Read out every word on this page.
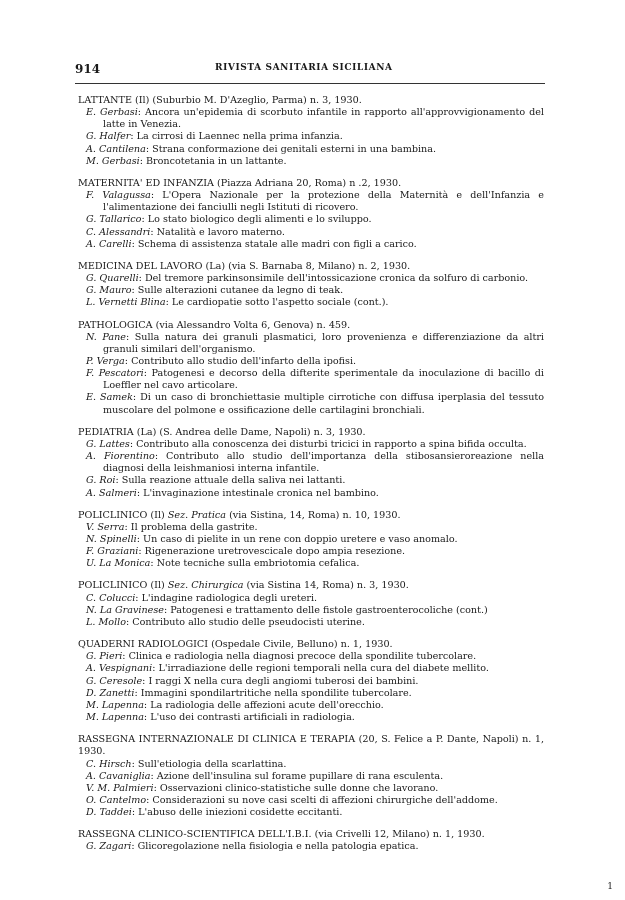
914	RIVISTA SANITARIA SICILIANA
LATTANTE (Il) (Suburbio M. D'Azeglio, Parma) n. 3, 1930.
E. Gerbasi: Ancora un'epidemia di scorbuto infantile in rapporto all'approvvigionamento del latte in Venezia.
G. Halfer: La cirrosi di Laennec nella prima infanzia.
A. Cantilena: Strana conformazione dei genitali esterni in una bambina.
M. Gerbasi: Broncotetania in un lattante.
MATERNITA' ED INFANZIA (Piazza Adriana 20, Roma) n .2, 1930.
F. Valagussa: L'Opera Nazionale per la protezione della Maternità e dell'Infanzia e l'alimentazione dei fanciulli negli Istituti di ricovero.
G. Tallarico: Lo stato biologico degli alimenti e lo sviluppo.
C. Alessandri: Natalità e lavoro materno.
A. Carelli: Schema di assistenza statale alle madri con figli a carico.
MEDICINA DEL LAVORO (La) (via S. Barnaba 8, Milano) n. 2, 1930.
G. Quarelli: Del tremore parkinsonsimile dell'intossicazione cronica da solfuro di carbonio.
G. Mauro: Sulle alterazioni cutanee da legno di teak.
L. Vernetti Blina: Le cardiopatie sotto l'aspetto sociale (cont.).
PATHOLOGICA (via Alessandro Volta 6, Genova) n. 459.
N. Pane: Sulla natura dei granuli plasmatici, loro provenienza e differenziazione da altri granuli similari dell'organismo.
P. Verga: Contributo allo studio dell'infarto della ipofisi.
F. Pescatori: Patogenesi e decorso della difterite sperimentale da inoculazione di bacillo di Loeffler nel cavo articolare.
E. Samek: Di un caso di bronchiettasie multiple cirrotiche con diffusa iperplasia del tessuto muscolare del polmone e ossificazione delle cartilagini bronchiali.
PEDIATRIA (La) (S. Andrea delle Dame, Napoli) n. 3, 1930.
G. Lattes: Contributo alla conoscenza dei disturbi tricici in rapporto a spina bifida occulta.
A. Fiorentino: Contributo allo studio dell'importanza della stibosansieroreazione nella diagnosi della leishmaniosi interna infantile.
G. Roi: Sulla reazione attuale della saliva nei lattanti.
A. Salmeri: L'invaginazione intestinale cronica nel bambino.
POLICLINICO (Il) Sez. Pratica (via Sistina, 14, Roma) n. 10, 1930.
V. Serra: Il problema della gastrite.
N. Spinelli: Un caso di pielite in un rene con doppio uretere e vaso anomalo.
F. Graziani: Rigenerazione uretrovescicale dopo ampia resezione.
U. La Monica: Note tecniche sulla embriotomia cefalica.
POLICLINICO (Il) Sez. Chirurgica (via Sistina 14, Roma) n. 3, 1930.
C. Colucci: L'indagine radiologica degli ureteri.
N. La Gravinese: Patogenesi e trattamento delle fistole gastroenterocoliche (cont.)
L. Mollo: Contributo allo studio delle pseudocisti uterine.
QUADERNI RADIOLOGICI (Ospedale Civile, Belluno) n. 1, 1930.
G. Pieri: Clinica e radiologia nella diagnosi precoce della spondilite tubercolare.
A. Vespignani: L'irradiazione delle regioni temporali nella cura del diabete mellito.
G. Ceresole: I raggi X nella cura degli angiomi tuberosi dei bambini.
D. Zanetti: Immagini spondilartritiche nella spondilite tubercolare.
M. Lapenna: La radiologia delle affezioni acute dell'orecchio.
M. Lapenna: L'uso dei contrasti artificiali in radiologia.
RASSEGNA INTERNAZIONALE DI CLINICA E TERAPIA (20, S. Felice a P. Dante, Napoli) n. 1, 1930.
C. Hirsch: Sull'etiologia della scarlattina.
A. Cavaniglia: Azione dell'insulina sul forame pupillare di rana esculenta.
V. M. Palmieri: Osservazioni clinico-statistiche sulle donne che lavorano.
O. Cantelmo: Considerazioni su nove casi scelti di affezioni chirurgiche dell'addome.
D. Taddei: L'abuso delle iniezioni cosidette eccitanti.
RASSEGNA CLINICO-SCIENTIFICA DELL'I.B.I. (via Crivelli 12, Milano) n. 1, 1930.
G. Zagari: Glicoregolazione nella fisiologia e nella patologia epatica.
1
